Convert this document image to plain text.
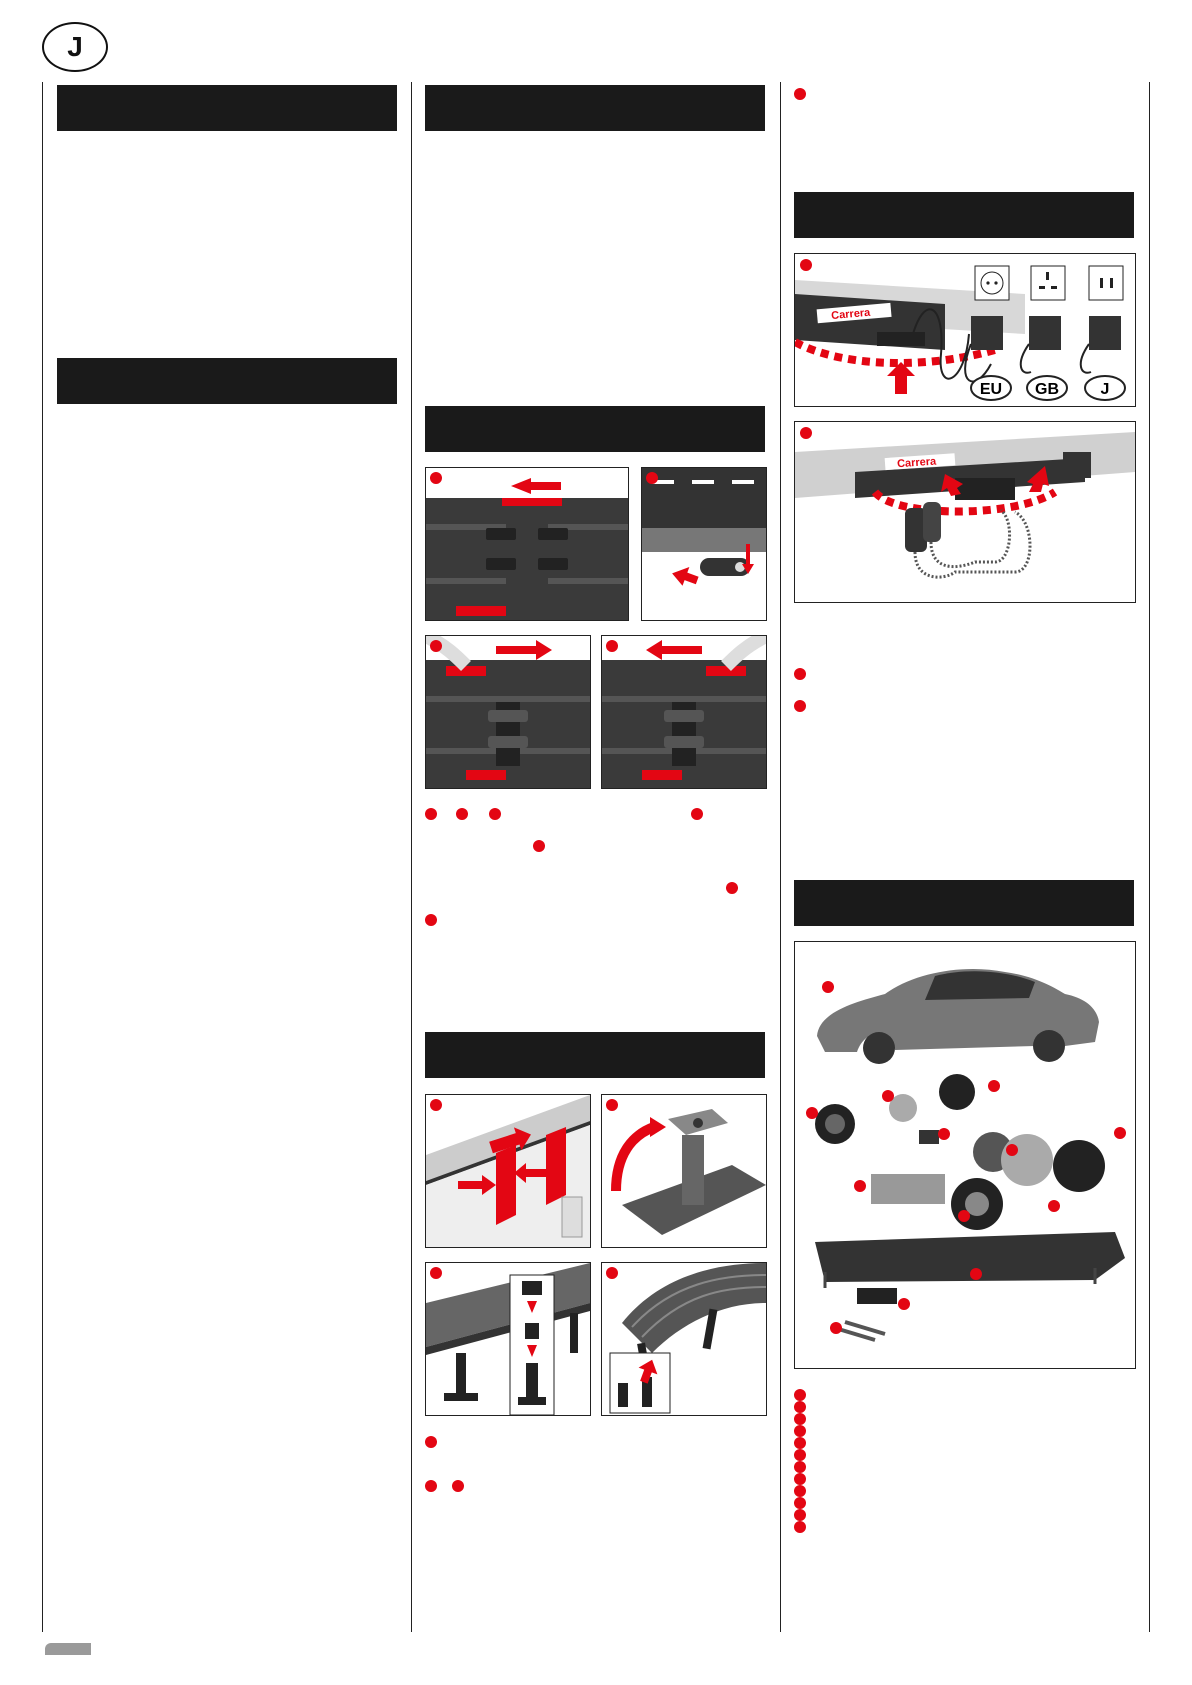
J
Carrera
EU GB	J
Carrera
